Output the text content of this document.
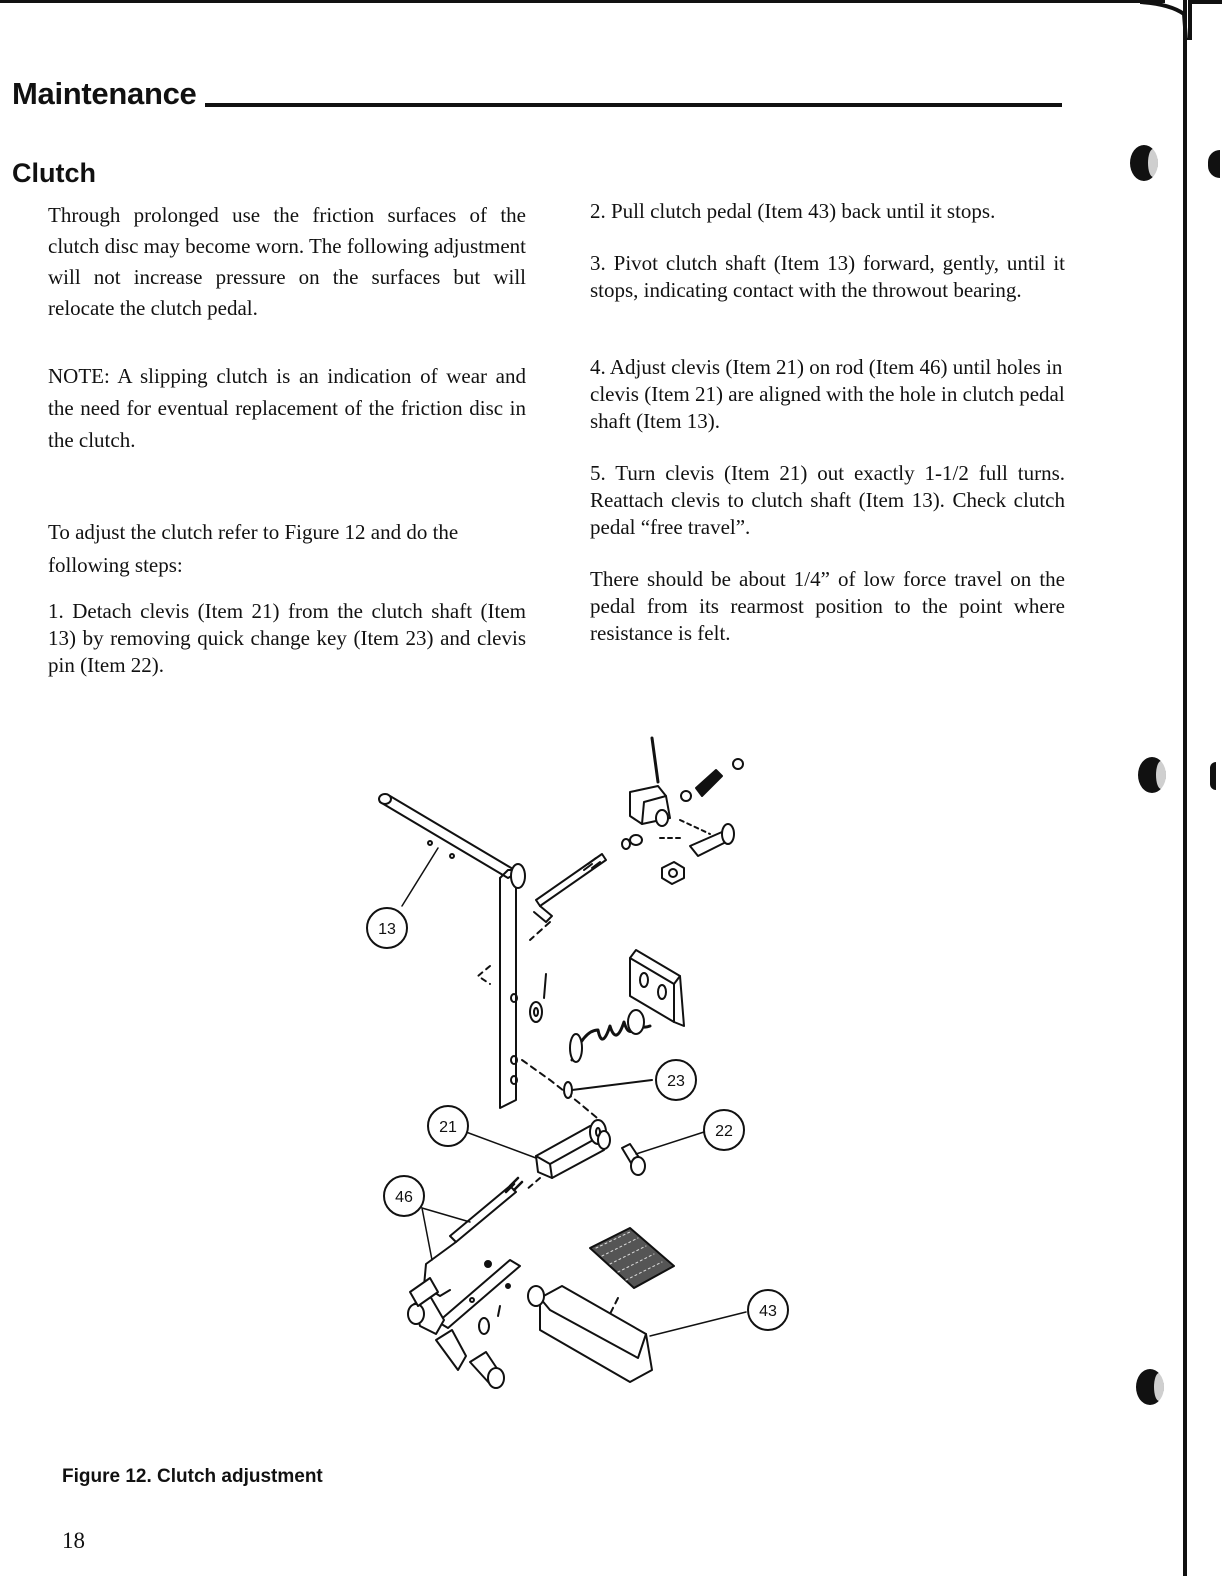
Maintenance
Clutch

Through prolonged use the friction surfaces of the clutch disc may become worn. The following adjustment will not increase pressure on the surfaces but will relocate the clutch pedal.

NOTE: A slipping clutch is an indication of wear and the need for eventual replacement of the friction disc in the clutch.

To adjust the clutch refer to Figure 12 and do the following steps:

1. Detach clevis (Item 21) from the clutch shaft (Item 13) by removing quick change key (Item 23) and clevis pin (Item 22).

2. Pull clutch pedal (Item 43) back until it stops.

3. Pivot clutch shaft (Item 13) forward, gently, until it stops, indicating contact with the throwout bearing.

4. Adjust clevis (Item 21) on rod (Item 46) until holes in clevis (Item 21) are aligned with the hole in clutch pedal shaft (Item 13).

5. Turn clevis (Item 21) out exactly 1-1/2 full turns. Reattach clevis to clutch shaft (Item 13). Check clutch pedal “free travel”.

There should be about 1/4” of low force travel on the pedal from its rearmost position to the point where resistance is felt.

13
23
21	22
46
43

Figure 12. Clutch adjustment

18
